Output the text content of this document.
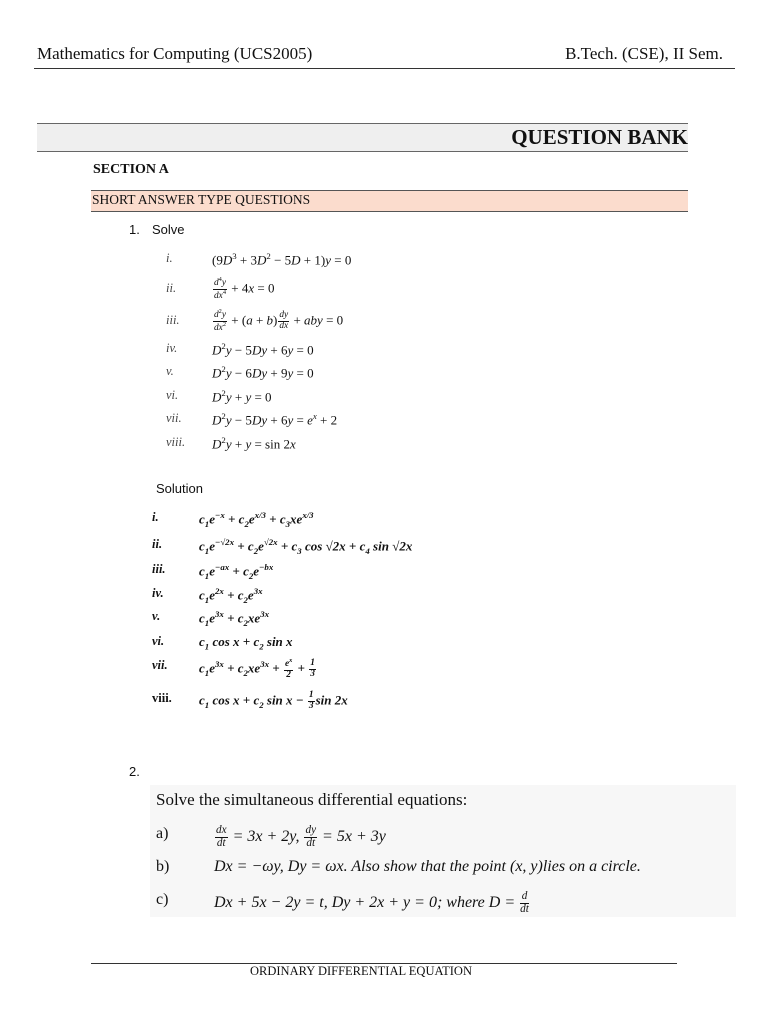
Mathematics for Computing (UCS2005)	B.Tech. (CSE), II Sem.
QUESTION BANK
SECTION A
SHORT ANSWER TYPE QUESTIONS
1. Solve
i.	$(9D^3 + 3D^2 - 5D + 1)y = 0$
ii.	$\frac{d^4y}{dx^4} + 4x = 0$
iii.	$\frac{d^2y}{dx^2} + (a + b) \frac{dy}{dx}$ + aby = 0
iv.	$D^2y - 5Dy + 6y = 0$
v.	$D^2y - 6Dy + 9y = 0$
vi.	$D^2y + y = 0$
vii. $D^2y - 5Dy + 6y = e^x + 2$
viii. $D^2y + y = \sin 2x$
Solution
i.	$c_1e^{-x} + c_2e^{x/3} + c_3xe^{x/3}$
ii.	$c_1e^{-√2x} + c_2e^{√2x} + c_3$ $\cos √2x + c_4$ sin √2x
iii.	$c_1e^{-ax} + c_2e^{-bx}$
iv.	$c_1e^{2x} + c_2e^{3x}$
v.	$c_1e^{3x} + c_2xe^{3x}$
vi.	$c_1$ $\cos x + c_2$ sin x
vii. $c_1e^{3x} + c_2xe^{3x} + \frac{e^x}{2} + \frac{1}{3}$
viii. $c_1$ $\cos x + c_2$ $\sin x - \frac{1}{3}$ sin 2x
2.
Solve the simultaneous differential equations:
a)	$\frac{dx}{dt} = 3x + 2y$, $\frac{dy}{dt} = 5x + 3y$
b)	Dx = −ωy, Dy = ωx. Also show that the point (x, y)lies on a circle.
c)	Dx + 5x − 2y = t, Dy + 2x + y = 0; where $D = \frac{d}{dt}$
ORDINARY DIFFERENTIAL EQUATION
